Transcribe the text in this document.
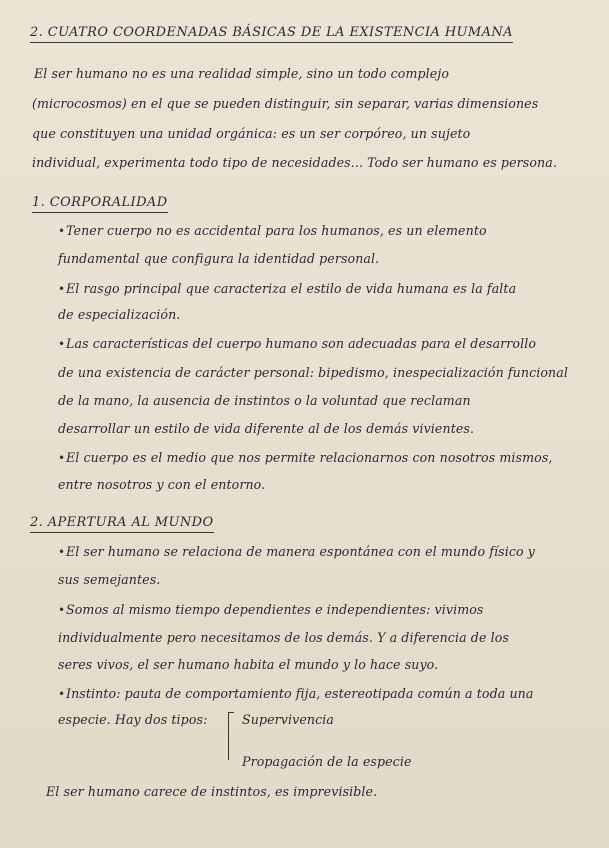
2. CUATRO COORDENADAS BÁSICAS DE LA EXISTENCIA HUMANA
El ser humano no es una realidad simple, sino un todo complejo
(microcosmos) en el que se pueden distinguir, sin separar, varias dimensiones
que constituyen una unidad orgánica: es un ser corpóreo, un sujeto
individual, experimenta todo tipo de necesidades... Todo ser humano es persona.
1. CORPORALIDAD
• Tener cuerpo no es accidental para los humanos, es un elemento
fundamental que configura la identidad personal.
• El rasgo principal que caracteriza el estilo de vida humana es la falta
de especialización.
• Las características del cuerpo humano son adecuadas para el desarrollo
de una existencia de carácter personal: bipedismo, inespecialización funcional
de la mano, la ausencia de instintos o la voluntad que reclaman
desarrollar un estilo de vida diferente al de los demás vivientes.
• El cuerpo es el medio que nos permite relacionarnos con nosotros mismos,
entre nosotros y con el entorno.
2. APERTURA AL MUNDO
• El ser humano se relaciona de manera espontánea con el mundo físico y
sus semejantes.
• Somos al mismo tiempo dependientes e independientes: vivimos
individualmente pero necesitamos de los demás. Y a diferencia de los
seres vivos, el ser humano habita el mundo y lo hace suyo.
• Instinto: pauta de comportamiento fija, estereotipada común a toda una
especie. Hay dos tipos:	Supervivencia
Propagación de la especie
El ser humano carece de instintos, es imprevisible.
